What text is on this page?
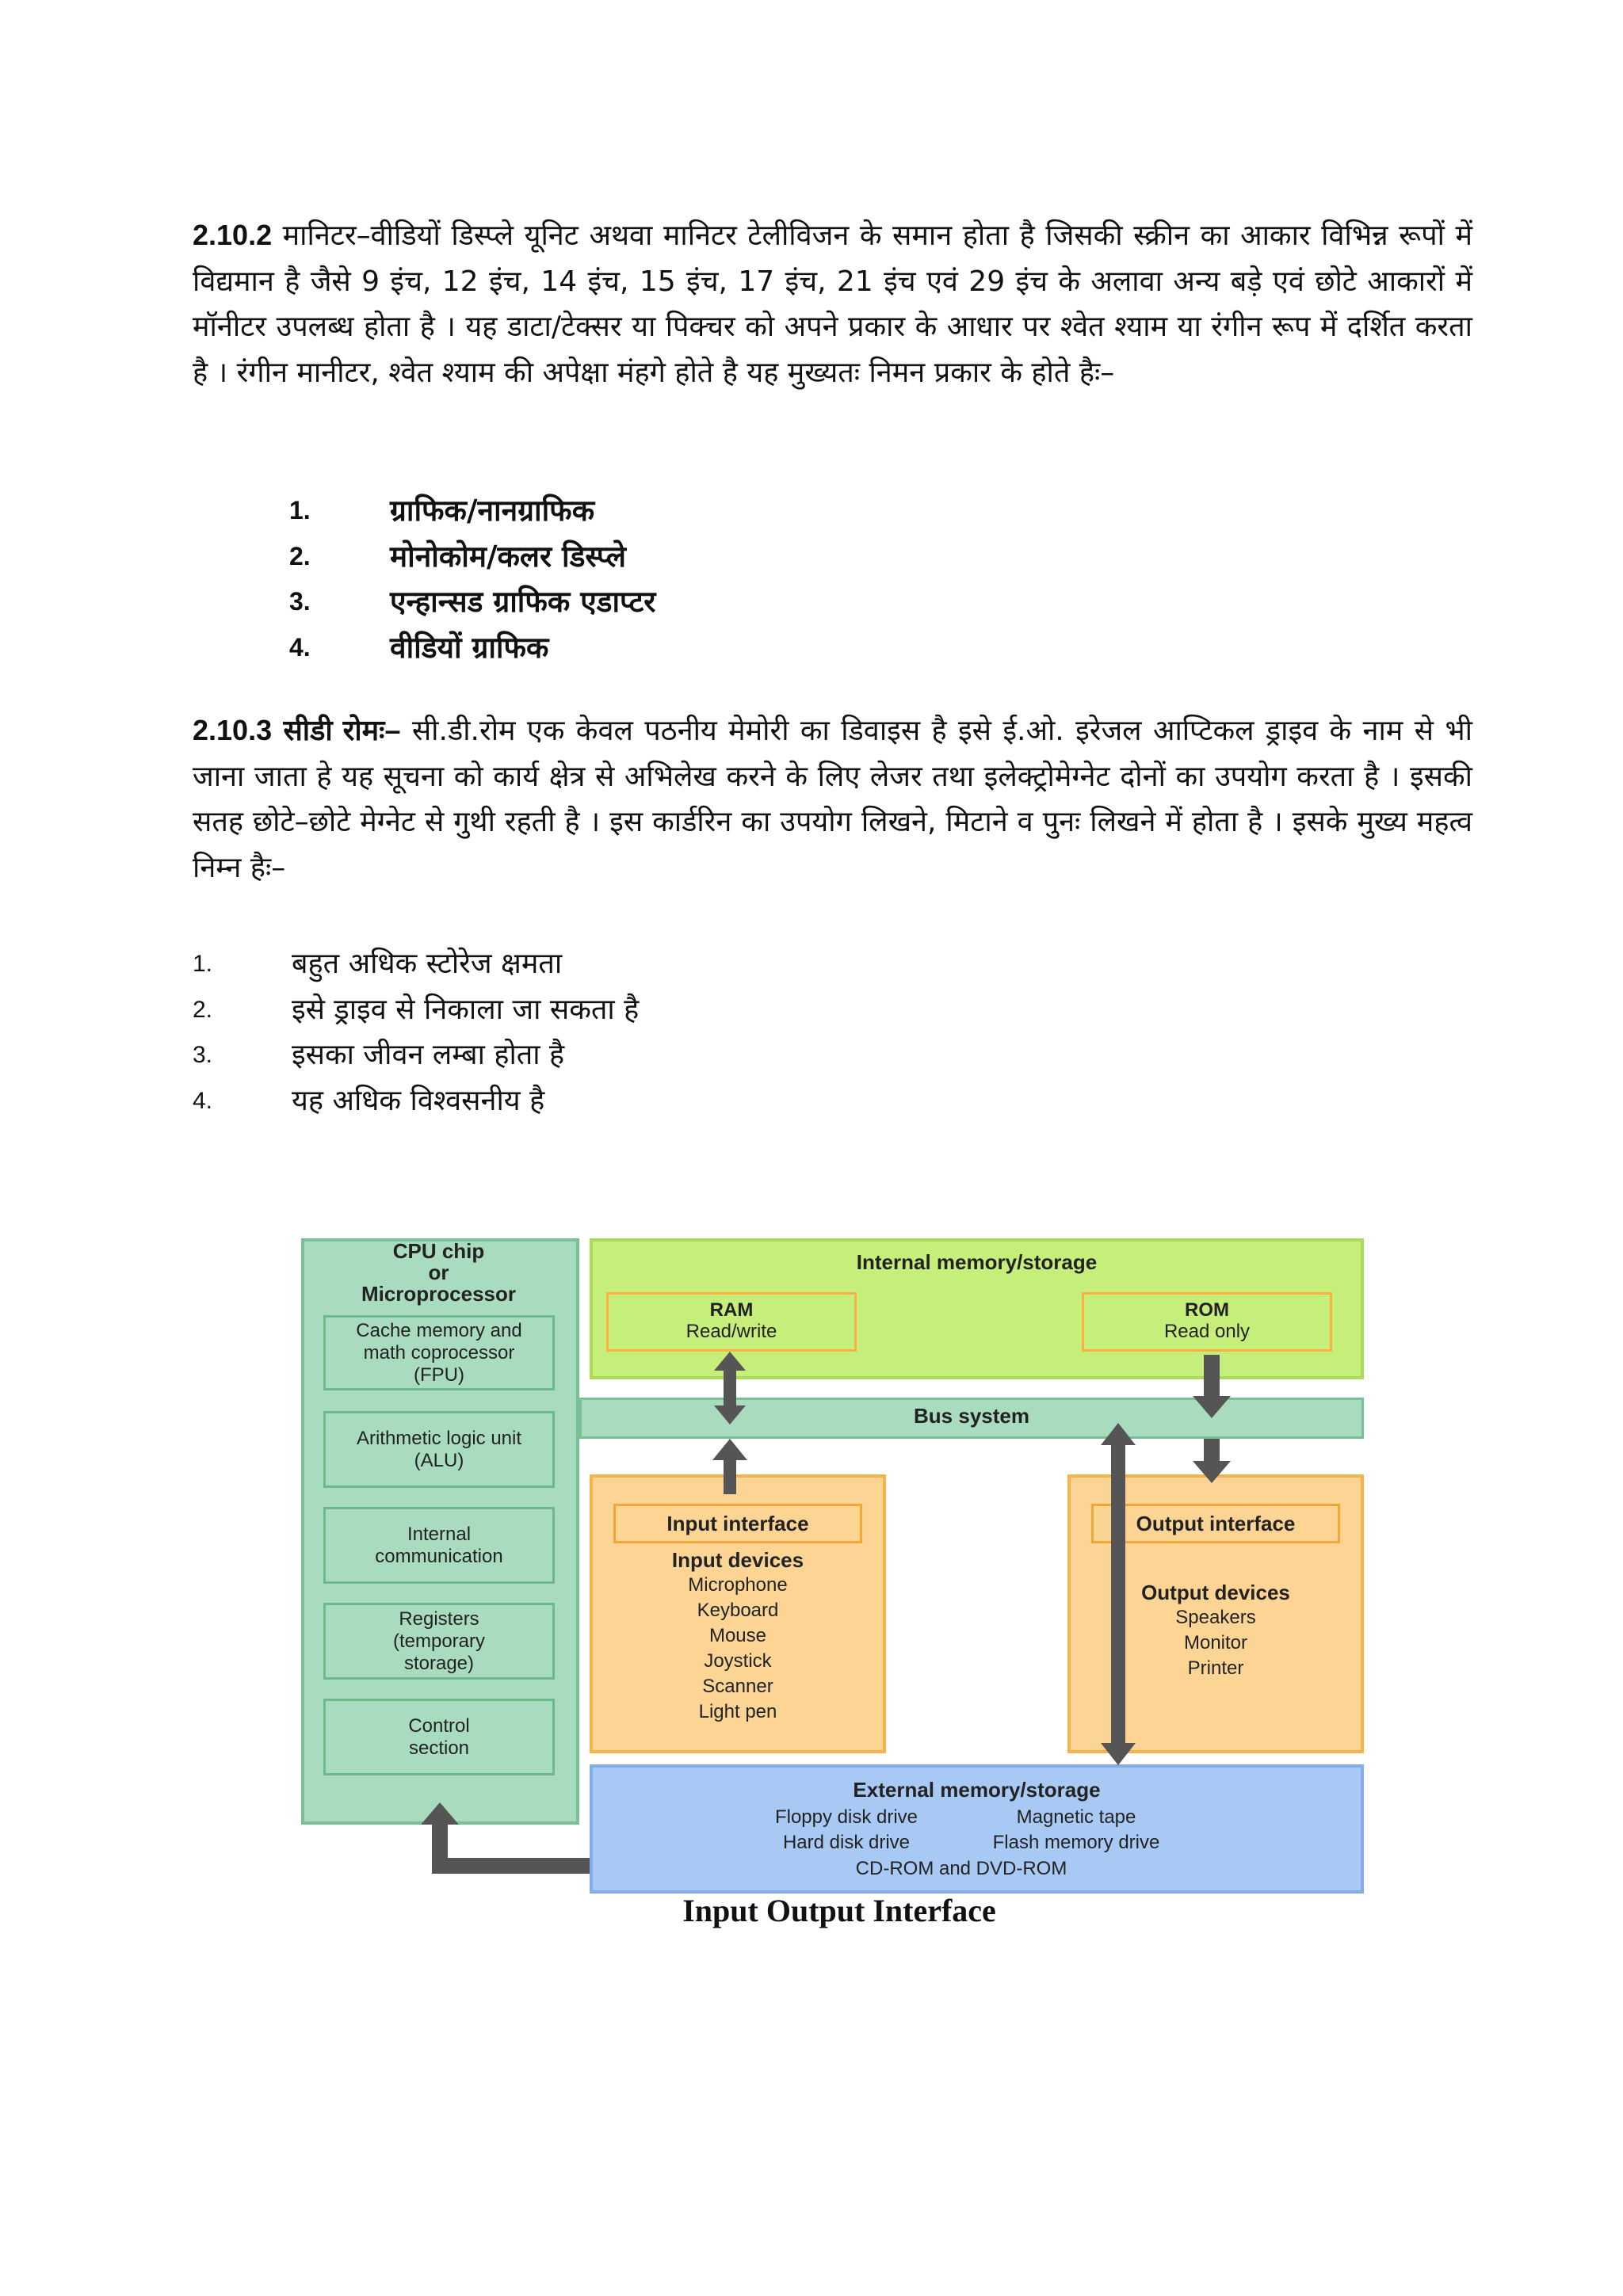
2.10.2 मानिटर–वीडियों डिस्प्ले यूनिट अथवा मानिटर टेलीविजन के समान होता है जिसकी स्क्रीन का आकार विभिन्न रूपों में विद्यमान है जैसे 9 इंच, 12 इंच, 14 इंच, 15 इंच, 17 इंच, 21 इंच एवं 29 इंच के अलावा अन्य बड़े एवं छोटे आकारों में मॉनीटर उपलब्ध होता है । यह डाटा/टेक्सर या पिक्चर को अपने प्रकार के आधार पर श्वेत श्याम या रंगीन रूप में दर्शित करता है । रंगीन मानीटर, श्वेत श्याम की अपेक्षा मंहगे होते है यह मुख्यतः निमन प्रकार के होते हैः–
1.	ग्राफिक/नानग्राफिक
2.	मोनोकोम/कलर डिस्प्ले
3.	एन्हान्सड ग्राफिक एडाप्टर
4.	वीडियों ग्राफिक
2.10.3 सीडी रोमः– सी.डी.रोम एक केवल पठनीय मेमोरी का डिवाइस है इसे ई.ओ. इरेजल आप्टिकल ड्राइव के नाम से भी जाना जाता हे यह सूचना को कार्य क्षेत्र से अभिलेख करने के लिए लेजर तथा इलेक्ट्रोमेग्नेट दोनों का उपयोग करता है । इसकी सतह छोटे–छोटे मेग्नेट से गुथी रहती है । इस कार्डरिन का उपयोग लिखने, मिटाने व पुनः लिखने में होता है । इसके मुख्य महत्व निम्न हैः–
1.	बहुत अधिक स्टोरेज क्षमता
2.	इसे ड्राइव से निकाला जा सकता है
3.	इसका जीवन लम्बा होता है
4.	यह अधिक विश्वसनीय है
CPU chip
or
Microprocessor
Cache memory and
math coprocessor
(FPU)
Arithmetic logic unit
(ALU)
Internal
communication
Registers
(temporary
storage)
Control
section
Internal memory/storage
RAM
Read/write
ROM
Read only
Bus system
Input interface
Input devices
Microphone
Keyboard
Mouse
Joystick
Scanner
Light pen
Output interface
Output devices
Speakers
Monitor
Printer
External memory/storage
Floppy disk drive	Magnetic tape
Hard disk drive	Flash memory drive
CD-ROM and DVD-ROM
Input Output Interface
